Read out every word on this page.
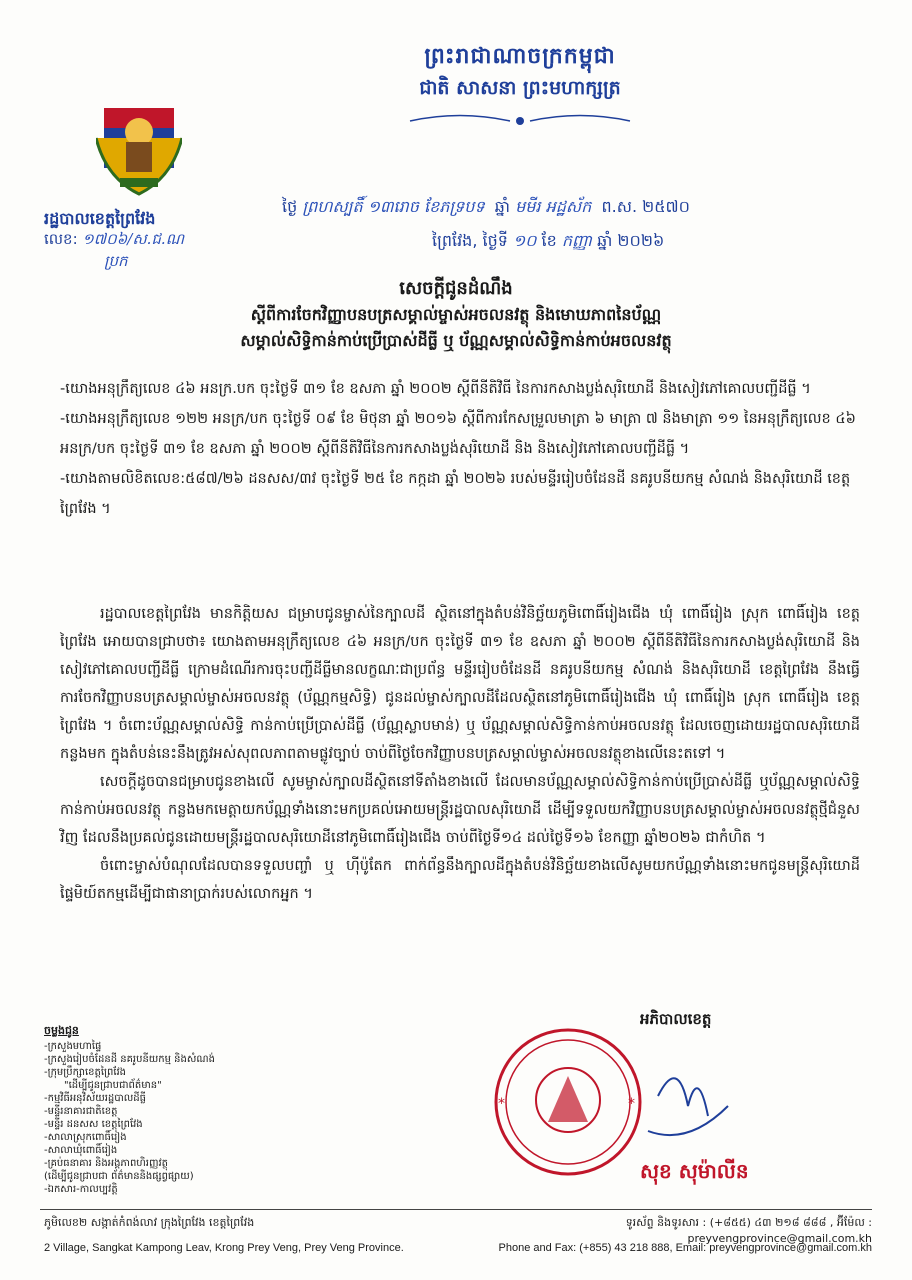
ព្រះរាជាណាចក្រកម្ពុជា
ជាតិ សាសនា ព្រះមហាក្សត្រ
រដ្ឋបាលខេត្តព្រៃវែង
លេខ: ១៧០៦/ស.ជ.ណ
ប្រក
ថ្ងៃ ព្រហស្បតិ៍ ១៣រោច ខែភទ្របទ ឆ្នាំ មមីរ អដ្ឋស័ក ព.ស. ២៥៧០
ព្រៃវែង, ថ្ងៃទី ១០ ខែ កញ្ញា ឆ្នាំ ២០២៦
សេចក្តីជូនដំណឹង
ស្តីពីការចែកវិញ្ញាបនបត្រសម្គាល់ម្ចាស់អចលនវត្ថុ និងមោឃភាពនៃប័ណ្ណ
សម្គាល់សិទ្ធិកាន់កាប់ប្រើប្រាស់ដីធ្លី ឬ ប័ណ្ណសម្គាល់សិទ្ធិកាន់កាប់អចលនវត្ថុ

-យោងអនុក្រឹត្យលេខ ៤៦ អនក្រ.បក ចុះថ្ងៃទី ៣១ ខែ ឧសភា ឆ្នាំ ២០០២ ស្តីពីនីតិវិធី នៃការកសាងប្លង់សុរិយោដី និងសៀវភៅគោលបញ្ជីដីធ្លី ។

-យោងអនុក្រឹត្យលេខ ១២២ អនក្រ/បក ចុះថ្ងៃទី ០៩ ខែ មិថុនា ឆ្នាំ ២០១៦ ស្តីពីការកែសម្រួលមាត្រា ៦ មាត្រា ៧ និងមាត្រា ១១ នៃអនុក្រឹត្យលេខ ៤៦ អនក្រ/បក ចុះថ្ងៃទី ៣១ ខែ ឧសភា ឆ្នាំ ២០០២ ស្តីពីនីតិវិធីនៃការកសាងប្លង់សុរិយោដី និង និងសៀវភៅគោលបញ្ជីដីធ្លី ។

-យោងតាមលិខិតលេខ:៥៨៧/២៦ ដនសស/៣វ ចុះថ្ងៃទី ២៥ ខែ កក្កដា ឆ្នាំ ២០២៦ របស់មន្ទីររៀបចំដែនដី នគរូបនីយកម្ម សំណង់ និងសុរិយោដី ខេត្តព្រៃវែង ។

រដ្ឋបាលខេត្តព្រៃវែង មានកិត្តិយស ជម្រាបជូនម្ចាស់នៃក្បាលដី ស្ថិតនៅក្នុងតំបន់វិនិច្ឆ័យភូមិពោធិ៍រៀងជើង ឃុំ ពោធិ៍រៀង ស្រុក ពោធិ៍រៀង ខេត្តព្រៃវែង អោយបានជ្រាបថា៖ យោងតាមអនុក្រឹត្យលេខ ៤៦ អនក្រ/បក ចុះថ្ងៃទី ៣១ ខែ ឧសភា ឆ្នាំ ២០០២ ស្តីពីនីតិវិធីនៃការកសាងប្លង់សុរិយោដី និងសៀវភៅគោលបញ្ជីដីធ្លី ក្រោមដំណើរការចុះបញ្ជីដីធ្លីមានលក្ខណៈជាប្រព័ន្ធ មន្ទីររៀបចំដែនដី នគរូបនីយកម្ម សំណង់ និងសុរិយោដី ខេត្តព្រៃវែង នឹងធ្វើការចែកវិញ្ញាបនបត្រសម្គាល់ម្ចាស់អចលនវត្ថុ (ប័ណ្ណកម្មសិទ្ធិ) ជូនដល់ម្ចាស់ក្បាលដីដែលស្ថិតនៅភូមិពោធិ៍រៀងជើង ឃុំ ពោធិ៍រៀង ស្រុក ពោធិ៍រៀង ខេត្តព្រៃវែង ។ ចំពោះប័ណ្ណសម្គាល់សិទ្ធិ កាន់កាប់ប្រើប្រាស់ដីធ្លី (ប័ណ្ណស្លាបមាន់) ឬ ប័ណ្ណសម្គាល់សិទ្ធិកាន់កាប់អចលនវត្ថុ ដែលចេញដោយរដ្ឋបាលសុរិយោដីកន្លងមក ក្នុងតំបន់នេះនឹងត្រូវអស់សុពលភាពតាមផ្លូវច្បាប់ ចាប់ពីថ្ងៃចែកវិញ្ញាបនបត្រសម្គាល់ម្ចាស់អចលនវត្ថុខាងលើនេះតទៅ ។

សេចក្តីដូចបានជម្រាបជូនខាងលើ សូមម្ចាស់ក្បាលដីស្ថិតនៅទីតាំងខាងលើ ដែលមានប័ណ្ណសម្គាល់សិទ្ធិកាន់កាប់ប្រើប្រាស់ដីធ្លី ឬប័ណ្ណសម្គាល់សិទ្ធិកាន់កាប់អចលនវត្ថុ កន្លងមកមេត្តាយកប័ណ្ណទាំងនោះមកប្រគល់អោយមន្ត្រីរដ្ឋបាលសុរិយោដី ដើម្បីទទួលយកវិញ្ញាបនបត្រសម្គាល់ម្ចាស់អចលនវត្ថុថ្មីជំនួសវិញ ដែលនឹងប្រគល់ជូនដោយមន្ត្រីរដ្ឋបាលសុរិយោដីនៅភូមិពោធិ៍រៀងជើង ចាប់ពីថ្ងៃទី១៤ ដល់ថ្ងៃទី១៦ ខែកញ្ញា ឆ្នាំ២០២៦ ជាកំហិត ។

ចំពោះម្ចាស់បំណុលដែលបានទទួលបញ្ចាំ ឬ ហ៊ីប៉ូតែក ពាក់ព័ន្ធនឹងក្បាលដីក្នុងតំបន់វិនិច្ឆ័យខាងលើសូមយកប័ណ្ណទាំងនោះមកជូនមន្ត្រីសុរិយោដីផ្ទៃមិយ៍តកម្មដើម្បីជាផានាប្រាក់របស់លោកអ្នក ។

ចម្លងជូន

-ក្រសួងមហាផ្ទៃ

-ក្រសួងរៀបចំដែនដី នគរូបនីយកម្ម និងសំណង់

-ក្រុមប្រឹក្សាខេត្តព្រៃវែង

"ដើម្បីជូនជ្រាបជាព័ត៌មាន"

-កម្មវិធីអនុវិស័យរដ្ឋបាលដីធ្លី

-មន្ទីរនាគារជាតិខេត្ត

-មន្ទីរ ដនសស ខេត្តព្រៃវែង

-សាលាស្រុកពោធិ៍រៀង

-សាលាឃុំពោធិ៍រៀង

-គ្រប់ធនាគារ និងអង្គភាពហិរញ្ញវត្ថុ

(ដើម្បីជូនជ្រាបជា ព័ត៌មាននិងផ្សព្វផ្សាយ)

-ឯកសារ-កាលប្បវត្តិ

*	*
អភិបាលខេត្ត
សុខ សុម៉ាលីន
ភូមិលេខ២ សង្កាត់កំពង់លាវ ក្រុងព្រៃវែង ខេត្តព្រៃវែង
2 Village, Sangkat Kampong Leav, Krong Prey Veng, Prey Veng Province.
ទូរស័ព្ទ និងទូរសារ : (+៨៥៥) ៤៣ ២១៨ ៨៨៨ , អ៊ីម៉ែល : preyvengprovince@gmail.com.kh
Phone and Fax: (+855) 43 218 888, Email: preyvengprovince@gmail.com.kh
